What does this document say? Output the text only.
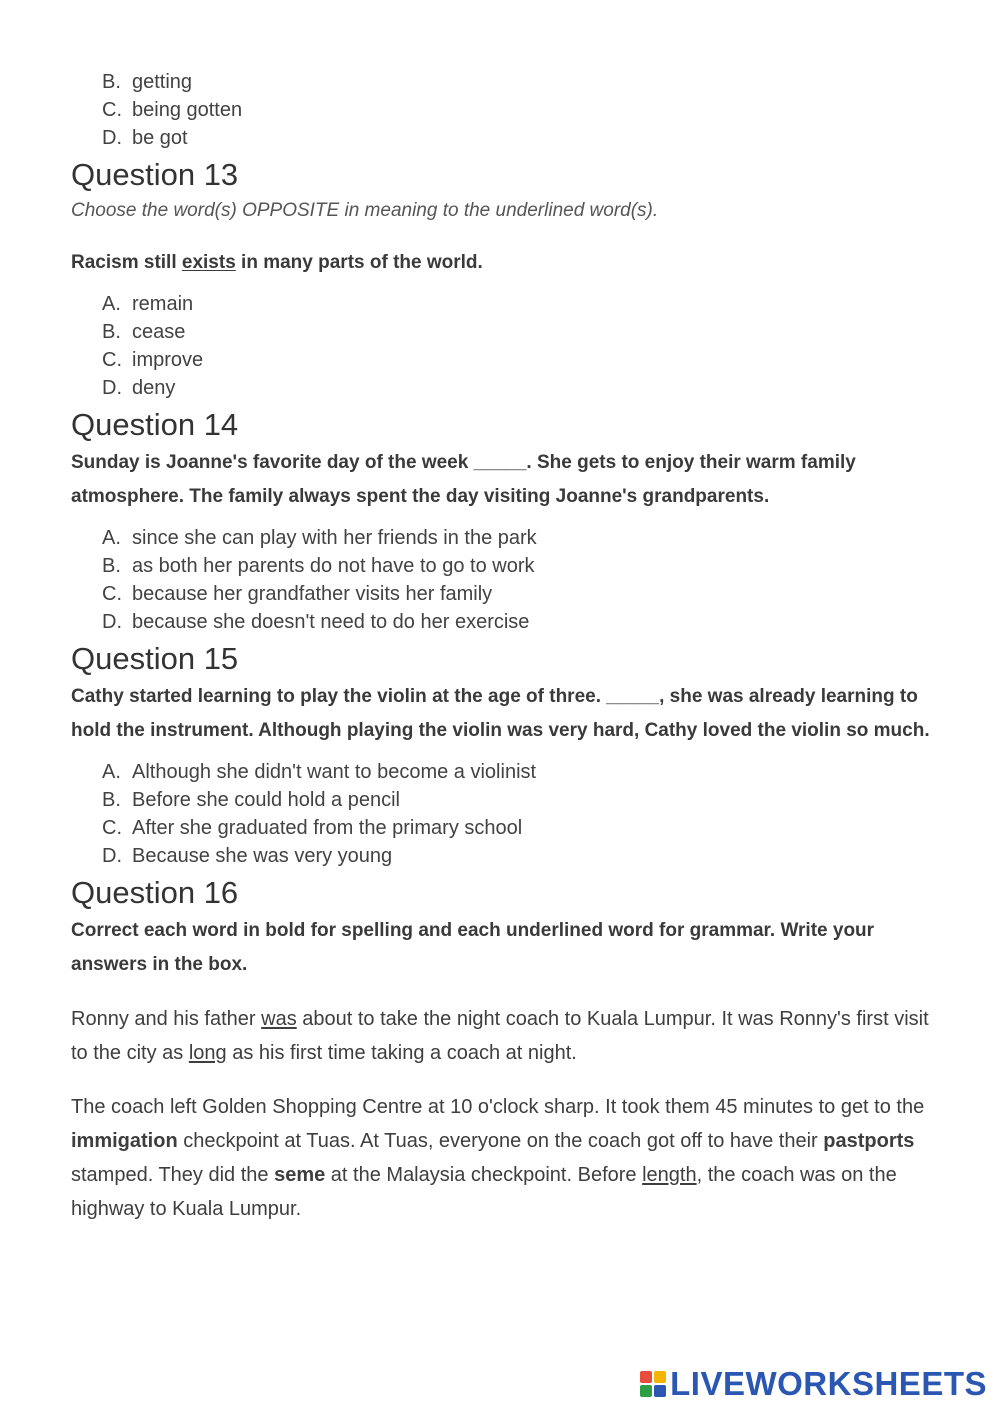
B. getting
C. being gotten
D. be got
Question 13
Choose the word(s) OPPOSITE in meaning to the underlined word(s).
Racism still exists in many parts of the world.
A. remain
B. cease
C. improve
D. deny
Question 14
Sunday is Joanne's favorite day of the week _____. She gets to enjoy their warm family atmosphere. The family always spent the day visiting Joanne's grandparents.
A. since she can play with her friends in the park
B. as both her parents do not have to go to work
C. because her grandfather visits her family
D. because she doesn't need to do her exercise
Question 15
Cathy started learning to play the violin at the age of three. _____, she was already learning to hold the instrument. Although playing the violin was very hard, Cathy loved the violin so much.
A. Although she didn't want to become a violinist
B. Before she could hold a pencil
C. After she graduated from the primary school
D. Because she was very young
Question 16
Correct each word in bold for spelling and each underlined word for grammar. Write your answers in the box.
Ronny and his father was about to take the night coach to Kuala Lumpur. It was Ronny's first visit to the city as long as his first time taking a coach at night.
The coach left Golden Shopping Centre at 10 o'clock sharp. It took them 45 minutes to get to the immigation checkpoint at Tuas. At Tuas, everyone on the coach got off to have their pastports stamped. They did the seme at the Malaysia checkpoint. Before length, the coach was on the highway to Kuala Lumpur.
LIVEWORKSHEETS
